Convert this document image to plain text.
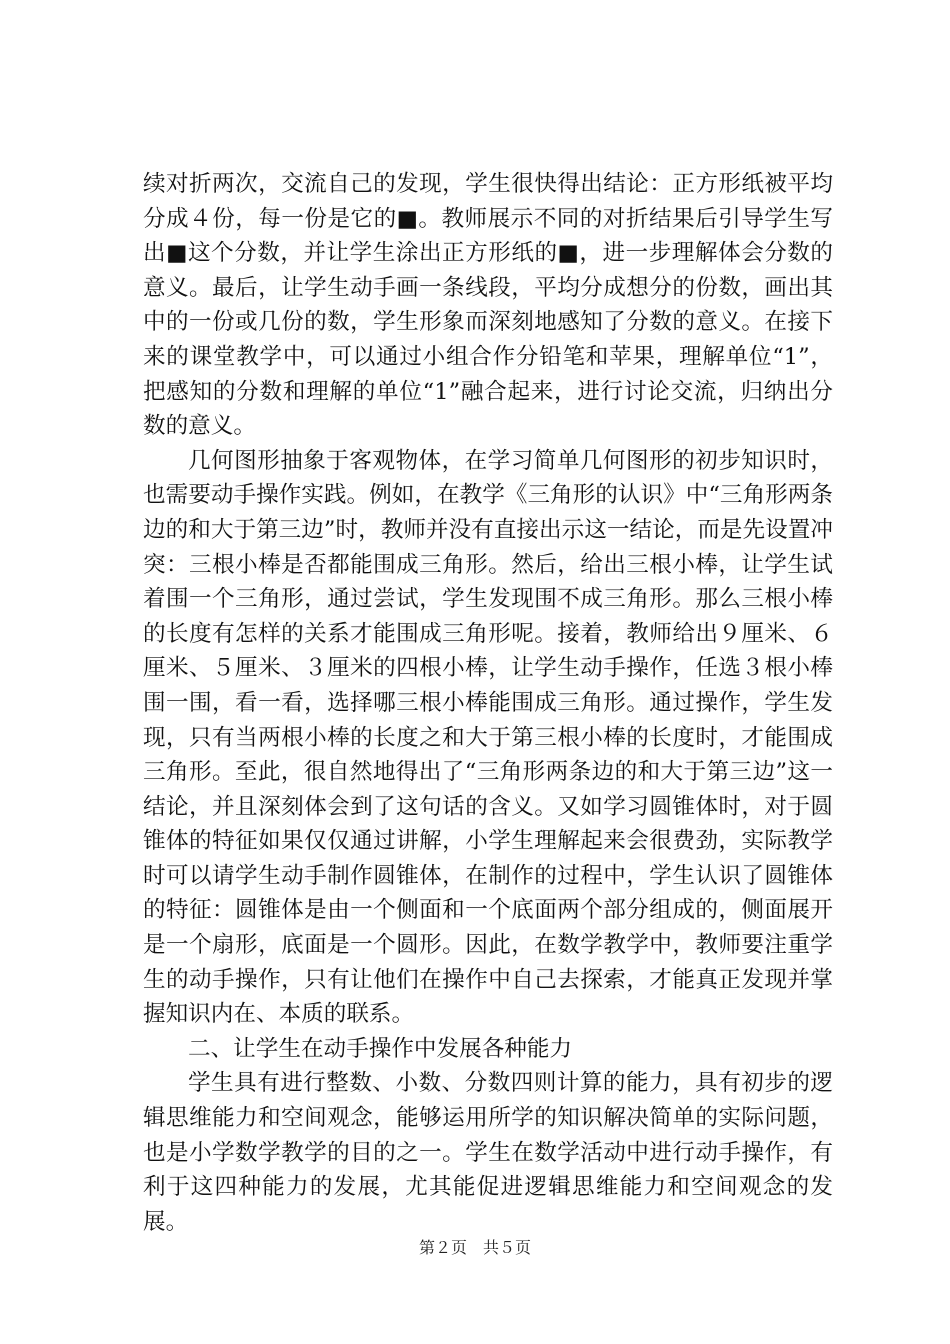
续对折两次，交流自己的发现，学生很快得出结论：正方形纸被平均分成４份，每一份是它的■。教师展示不同的对折结果后引导学生写出■这个分数，并让学生涂出正方形纸的■，进一步理解体会分数的意义。最后，让学生动手画一条线段，平均分成想分的份数，画出其中的一份或几份的数，学生形象而深刻地感知了分数的意义。在接下来的课堂教学中，可以通过小组合作分铅笔和苹果，理解单位“1”，把感知的分数和理解的单位“1”融合起来，进行讨论交流，归纳出分数的意义。

几何图形抽象于客观物体，在学习简单几何图形的初步知识时，也需要动手操作实践。例如，在教学《三角形的认识》中“三角形两条边的和大于第三边”时，教师并没有直接出示这一结论，而是先设置冲突：三根小棒是否都能围成三角形。然后，给出三根小棒，让学生试着围一个三角形，通过尝试，学生发现围不成三角形。那么三根小棒的长度有怎样的关系才能围成三角形呢。接着，教师给出９厘米、６厘米、５厘米、３厘米的四根小棒，让学生动手操作，任选３根小棒围一围，看一看，选择哪三根小棒能围成三角形。通过操作，学生发现，只有当两根小棒的长度之和大于第三根小棒的长度时，才能围成三角形。至此，很自然地得出了“三角形两条边的和大于第三边”这一结论，并且深刻体会到了这句话的含义。又如学习圆锥体时，对于圆锥体的特征如果仅仅通过讲解，小学生理解起来会很费劲，实际教学时可以请学生动手制作圆锥体，在制作的过程中，学生认识了圆锥体的特征：圆锥体是由一个侧面和一个底面两个部分组成的，侧面展开是一个扇形，底面是一个圆形。因此，在数学教学中，教师要注重学生的动手操作，只有让他们在操作中自己去探索，才能真正发现并掌握知识内在、本质的联系。

二、让学生在动手操作中发展各种能力

学生具有进行整数、小数、分数四则计算的能力，具有初步的逻辑思维能力和空间观念，能够运用所学的知识解决简单的实际问题，也是小学数学教学的目的之一。学生在数学活动中进行动手操作，有利于这四种能力的发展，尤其能促进逻辑思维能力和空间观念的发展。

第２页　共５页
